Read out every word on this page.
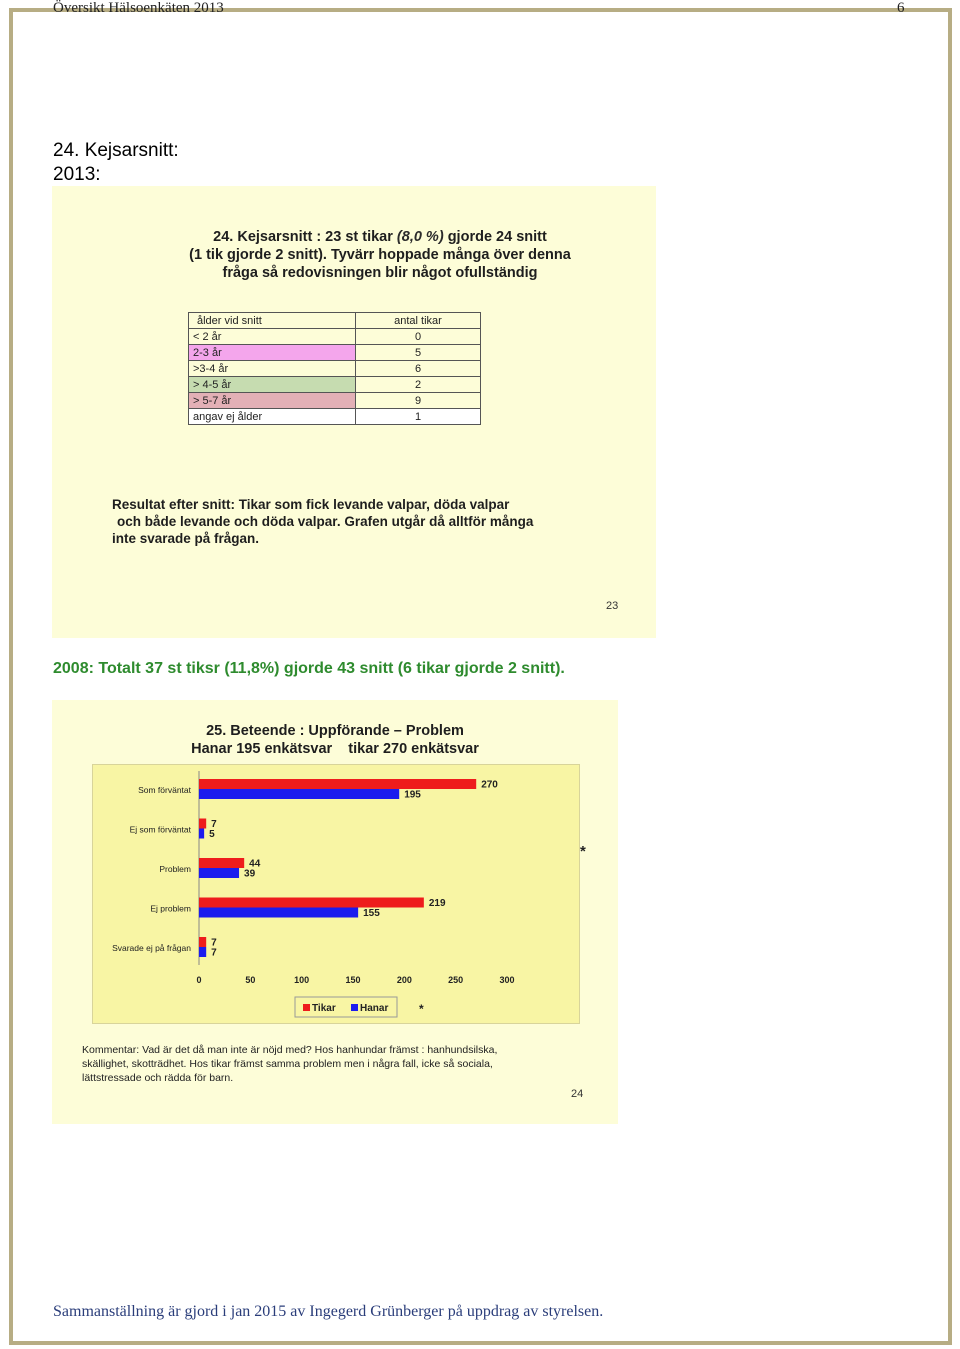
Översikt Hälsoenkäten 2013	6
24. Kejsarsnitt:
2013:
24. Kejsarsnitt : 23 st tikar (8,0 %) gjorde 24 snitt
(1 tik gjorde 2 snitt). Tyvärr hoppade många över denna
fråga så redovisningen blir något ofullständig
ålder vid snitt	antal tikar
< 2 år	0
2-3 år	5
>3-4 år	6
> 4-5 år	2
> 5-7 år	9
angav ej ålder	1
Resultat efter snitt: Tikar som fick levande valpar, döda valpar
och både levande och döda valpar. Grafen utgår då alltför många
inte svarade på frågan.
23
2008: Totalt 37 st tiksr (11,8%) gjorde 43 snitt (6 tikar gjorde 2 snitt).
25. Beteende : Uppförande – Problem
Hanar 195 enkätsvar    tikar 270 enkätsvar
Som förväntat	270
195
Ej som förväntat 7
5
Problem	44
39
Ej problem	219
155
Svarade ej på frågan 7
7
0	50	100	150	200	250	300
Tikar Hanar	*
*
Kommentar: Vad är det då man inte är nöjd med? Hos hanhundar främst : hanhundsilska,
skällighet, skotträdhet. Hos tikar främst samma problem men i några fall, icke så sociala,
lättstressade och rädda för barn.
24
Sammanställning är gjord i jan 2015 av Ingegerd Grünberger på uppdrag av styrelsen.
